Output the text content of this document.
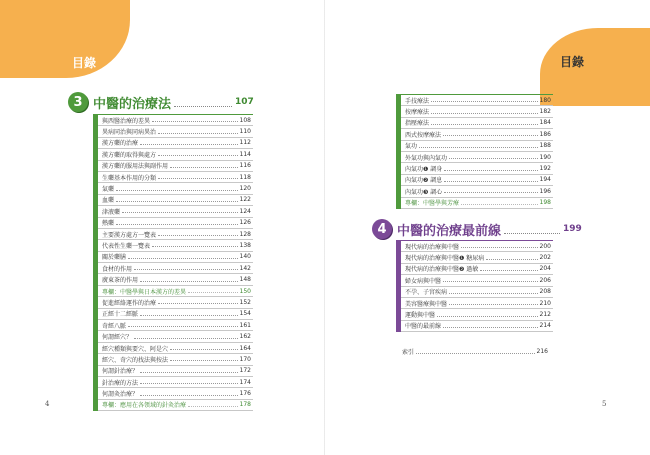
目錄
3 中醫的治療法	107
與西醫治療的差異	108
異病同治與同病異治	110
漢方藥的治療	112
漢方藥的取得與處方	114
漢方藥的服用法與副作用	116
生藥基本作用的分類	118
氣藥	120
血藥	122
津液藥	124
熱藥	126
主要漢方處方一覽表	128
代表性生藥一覽表	138
關於藥膳	140
食材的作用	142
廣東茶的作用	148
專欄：中醫學與日本漢方的差異	150
促進經絡運作的治療	152
正經十二經脈	154
奇經八脈	161
何謂經穴？	162
經穴種類與要穴、阿是穴	164
經穴、奇穴的找法與按法	170
何謂針治療？	172
針治療的方法	174
何謂灸治療？	176
專欄：應用在各領域的針灸治療	178
4	5
目錄
手技療法	180
按摩療法	182
指壓療法	184
西式按摩療法	186
氣功	188
外氣功與內氣功	190
內氣功❶ 調身	192
內氣功❷ 調息	194
內氣功❸ 調心	196
專欄：中醫學與芳療	198
4 中醫的治療最前線	199
現代病的治療與中醫	200
現代病的治療與中醫❶ 糖尿病	202
現代病的治療與中醫❷ 過敏	204
婦女病與中醫	206
不孕、子宮疾病	208
美容醫療與中醫	210
運動與中醫	212
中醫的最前線	214
索引	216
